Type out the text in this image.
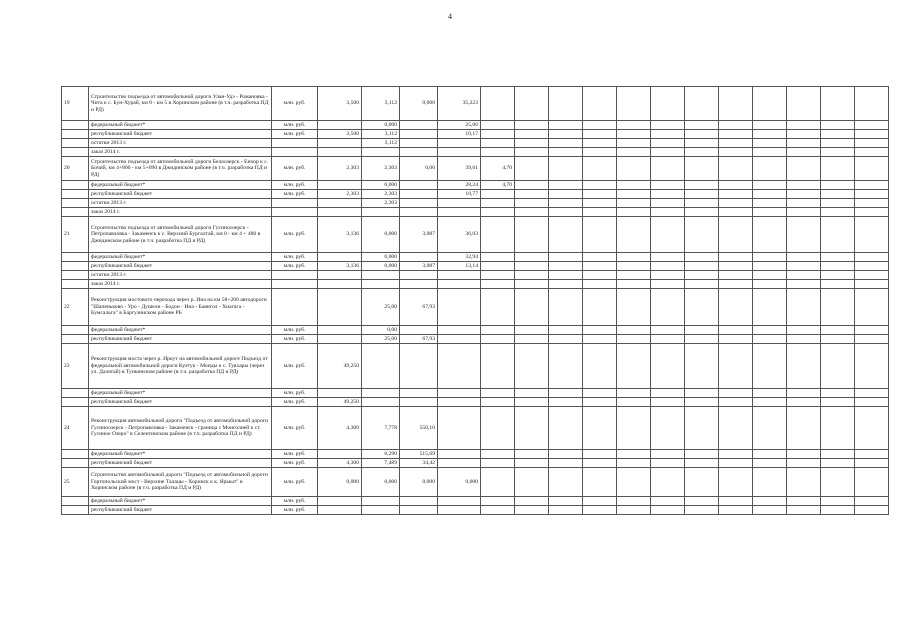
4
19	Строительство подъезда от автомобильной дороги Улан-Удэ - Романовка - Чита к с. Бун-Хурай, км 0 - км 5 в Хоринском районе (в т.ч. разработка ПД и РД)	млн. руб.	3,500	3,112	0,000	35,223												
	федеральный бюджет*	млн. руб.		0,000		25,06												
	республиканский бюджет	млн. руб.	3,500	3,112		10,17												
	остатки 2013 г.			3,112														
	заказ 2014 г.																	
20	Строительство подъезда от автомобильной дороги Белоозерск - Енхор к с. Бочий, км 4+800 - км 5+090 в Джидинском районе (в т.ч. разработка ПД и РД)	млн. руб.	2,303	2,303	0,00	39,01	4,70											
	федеральный бюджет*	млн. руб.		0,000		28,24	4,70											
	республиканский бюджет	млн. руб.	2,303	2,303		10,77												
	остатки 2013 г.			2,303														
	заказ 2014 г.																	
21	Строительство подъезда от автомобильной дороги Гусиноозерск - Петропавловка - Закаменск к с. Верхний Бургалтай, км 0 - км 4 + 480 в Джидинском районе (в т.ч. разработка ПД и РД)	млн. руб.	3,136	0,000	3,087	36,03												
	федеральный бюджет*	млн. руб.		0,000		32,94												
	республиканский бюджет	млн. руб.	3,136	0,000	3,087	13,14												
	остатки 2013 г.																	
	заказ 2014 г.																	
22	Реконструкция мостового перехода через р. Ина на км 58+200 автодороги "Шапеньково - Уро - Душели - Бодон - Ина - Баянгол - Хиагага - Бумсальга" в Баргузинском районе РБ			25,00	67,93													
	федеральный бюджет*	млн. руб.		0,00														
	республиканский бюджет	млн. руб.		25,00	67,93													
23	Реконструкция моста через р. Иркут на автомобильной дороге Подъезд от федеральной автомобильной дороги Култук - Монды к с. Туяхары (через ул. Далатай) в Тункинском районе (в т.ч. разработка ПД и РД)	млн. руб.	49,250															
	федеральный бюджет*	млн. руб.																
	республиканский бюджет	млн. руб.	49,250															
24	Реконструкция автомобильной дороги "Подъезд от автомобильной дороги Гусиноозерск - Петропавловка - Закаменск - граница с Монголией к ст. Гусиное Озеро" в Селенгинском районе (в т.ч. разработка ПД и РД)	млн. руб.	4,300	7,778	550,10													
	федеральный бюджет*	млн. руб.		0,290	515,69													
	республиканский бюджет	млн. руб.	4,300	7,489	34,42													
25	Строительство автомобильной дороги "Подъезд от автомобильной дороги Гортопольский мост - Верхние Талацы - Хоринск к к. Ярыыт" в Хоринском районе (в т.ч. разработка ПД и РД)	млн. руб.	0,000	0,000	0,000	0,000												
	федеральный бюджет*	млн. руб.																
	республиканский бюджет	млн. руб.																
